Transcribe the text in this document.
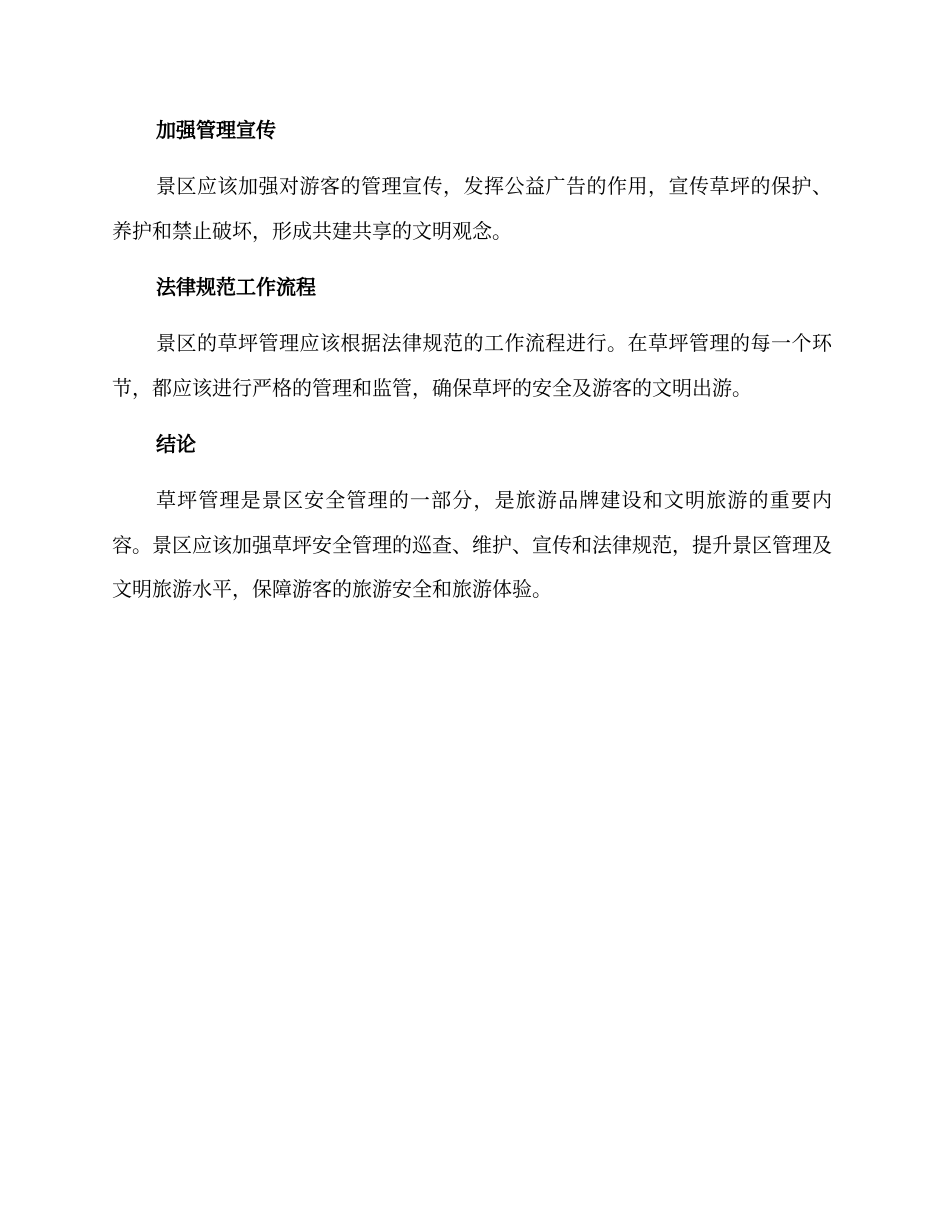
加强管理宣传
景区应该加强对游客的管理宣传，发挥公益广告的作用，宣传草坪的保护、养护和禁止破坏，形成共建共享的文明观念。
法律规范工作流程
景区的草坪管理应该根据法律规范的工作流程进行。在草坪管理的每一个环节，都应该进行严格的管理和监管，确保草坪的安全及游客的文明出游。
结论
草坪管理是景区安全管理的一部分，是旅游品牌建设和文明旅游的重要内容。景区应该加强草坪安全管理的巡查、维护、宣传和法律规范，提升景区管理及文明旅游水平，保障游客的旅游安全和旅游体验。
